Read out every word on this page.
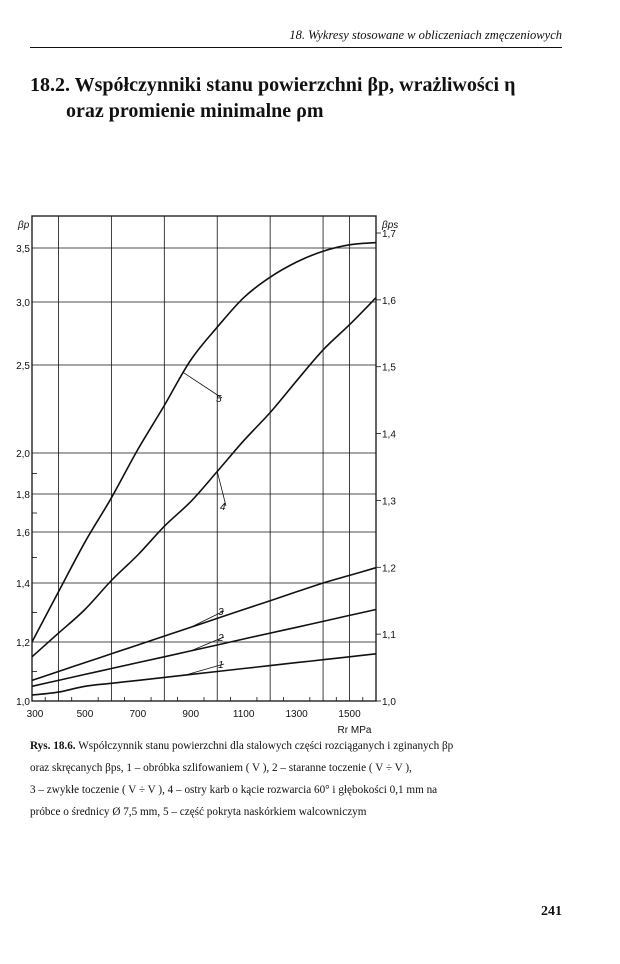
18. Wykresy stosowane w obliczeniach zmęczeniowych
18.2. Współczynniki stanu powierzchni βp, wrażliwości η
oraz promienie minimalne ρm
1,0
1,2
1,4
1,6
1,8
2,0
2,5
3,0
3,5
1,0
1,1
1,2
1,3
1,4
1,5
1,6
1,7
300	500	700	900	1100	1300	1500
βp	βps
Rr MPa
1
2
3
4
5
Rys. 18.6. Współczynnik stanu powierzchni dla stalowych części rozciąganych i zginanych βp
oraz skręcanych βps, 1 – obróbka szlifowaniem ( V ), 2 – staranne toczenie ( V ÷ V ),
3 – zwykłe toczenie ( V ÷ V ), 4 – ostry karb o kącie rozwarcia 60° i głębokości 0,1 mm na
próbce o średnicy Ø 7,5 mm, 5 – część pokryta naskórkiem walcowniczym
241
